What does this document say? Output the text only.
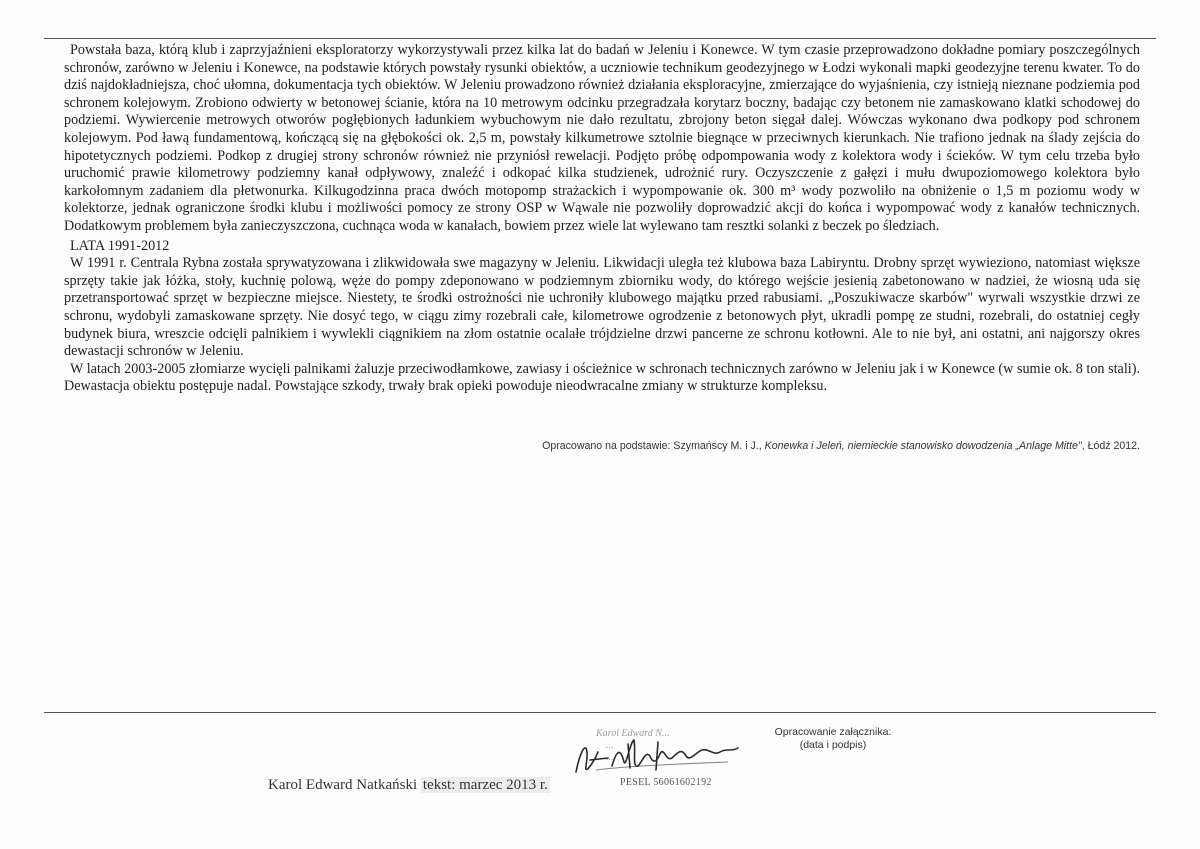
Powstała baza, którą klub i zaprzyjaźnieni eksploratorzy wykorzystywali przez kilka lat do badań w Jeleniu i Konewce. W tym czasie przeprowadzono dokładne pomiary poszczególnych schronów, zarówno w Jeleniu i Konewce, na podstawie których powstały rysunki obiektów, a uczniowie technikum geodezyjnego w Łodzi wykonali mapki geodezyjne terenu kwater. To do dziś najdokładniejsza, choć ułomna, dokumentacja tych obiektów. W Jeleniu prowadzono również działania eksploracyjne, zmierzające do wyjaśnienia, czy istnieją nieznane podziemia pod schronem kolejowym. Zrobiono odwierty w betonowej ścianie, która na 10 metrowym odcinku przegradzała korytarz boczny, badając czy betonem nie zamaskowano klatki schodowej do podziemi. Wywiercenie metrowych otworów pogłębionych ładunkiem wybuchowym nie dało rezultatu, zbrojony beton sięgał dalej. Wówczas wykonano dwa podkopy pod schronem kolejowym. Pod ławą fundamentową, kończącą się na głębokości ok. 2,5 m, powstały kilkumetrowe sztolnie biegnące w przeciwnych kierunkach. Nie trafiono jednak na ślady zejścia do hipotetycznych podziemi. Podkop z drugiej strony schronów również nie przyniósł rewelacji. Podjęto próbę odpompowania wody z kolektora wody i ścieków. W tym celu trzeba było uruchomić prawie kilometrowy podziemny kanał odpływowy, znaleźć i odkopać kilka studzienek, udrożnić rury. Oczyszczenie z gałęzi i mułu dwupoziomowego kolektora było karkołomnym zadaniem dla płetwonurka. Kilkugodzinna praca dwóch motopomp strażackich i wypompowanie ok. 300 m³ wody pozwoliło na obniżenie o 1,5 m poziomu wody w kolektorze, jednak ograniczone środki klubu i możliwości pomocy ze strony OSP w Wąwale nie pozwoliły doprowadzić akcji do końca i wypompować wody z kanałów technicznych. Dodatkowym problemem była zanieczyszczona, cuchnąca woda w kanałach, bowiem przez wiele lat wylewano tam resztki solanki z beczek po śledziach.

LATA 1991-2012

W 1991 r. Centrala Rybna została sprywatyzowana i zlikwidowała swe magazyny w Jeleniu. Likwidacji uległa też klubowa baza Labiryntu. Drobny sprzęt wywieziono, natomiast większe sprzęty takie jak łóżka, stoły, kuchnię polową, węże do pompy zdeponowano w podziemnym zbiorniku wody, do którego wejście jesienią zabetonowano w nadziei, że wiosną uda się przetransportować sprzęt w bezpieczne miejsce. Niestety, te środki ostrożności nie uchroniły klubowego majątku przed rabusiami. „Poszukiwacze skarbów" wyrwali wszystkie drzwi ze schronu, wydobyli zamaskowane sprzęty. Nie dosyć tego, w ciągu zimy rozebrali całe, kilometrowe ogrodzenie z betonowych płyt, ukradli pompę ze studni, rozebrali, do ostatniej cegły budynek biura, wreszcie odcięli palnikiem i wywlekli ciągnikiem na złom ostatnie ocalałe trójdzielne drzwi pancerne ze schronu kotłowni. Ale to nie był, ani ostatni, ani najgorszy okres dewastacji schronów w Jeleniu.

W latach 2003-2005 złomiarze wycięli palnikami żaluzje przeciwodłamkowe, zawiasy i ościeżnice w schronach technicznych zarówno w Jeleniu jak i w Konewce (w sumie ok. 8 ton stali). Dewastacja obiektu postępuje nadal. Powstające szkody, trwały brak opieki powoduje nieodwracalne zmiany w strukturze kompleksu.

Opracowano na podstawie: Szymańscy M. i J., Konewka i Jeleń, niemieckie stanowisko dowodzenia „Anlage Mitte", Łódź 2012.
Karol Edward Natkański tekst: marzec 2013 r.
Karol Edward N...
...
...
PESEL 56061602192
Opracowanie załącznika:
(data i podpis)
